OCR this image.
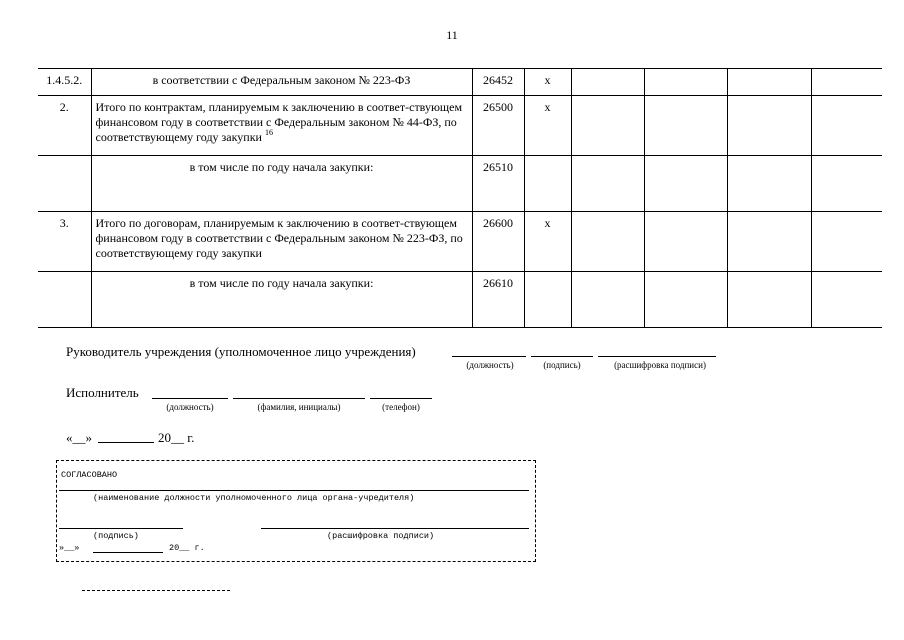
11
1.4.5.2.	в соответствии с Федеральным законом № 223-ФЗ	26452	х				
2.	Итого по контрактам, планируемым к заключению в соответ-ствующем финансовом году в соответствии с Федеральным законом № 44-ФЗ, по соответствующему году закупки $^{16}$	26500	х				
	в том числе по году начала закупки:	26510					
3.	Итого по договорам, планируемым к заключению в соответ-ствующем финансовом году в соответствии с Федеральным законом № 223-ФЗ, по соответствующему году закупки	26600	х				
	в том числе по году начала закупки:	26610					
Руководитель учреждения (уполномоченное лицо учреждения)
(должность)	(подпись)	(расшифровка подписи)
Исполнитель
(должность)	(фамилия, инициалы)	(телефон)
«__»	20__ г.
СОГЛАСОВАНО
(наименование должности уполномоченного лица органа-учредителя)
(подпись)	(расшифровка подписи)
»__»	20__ г.
